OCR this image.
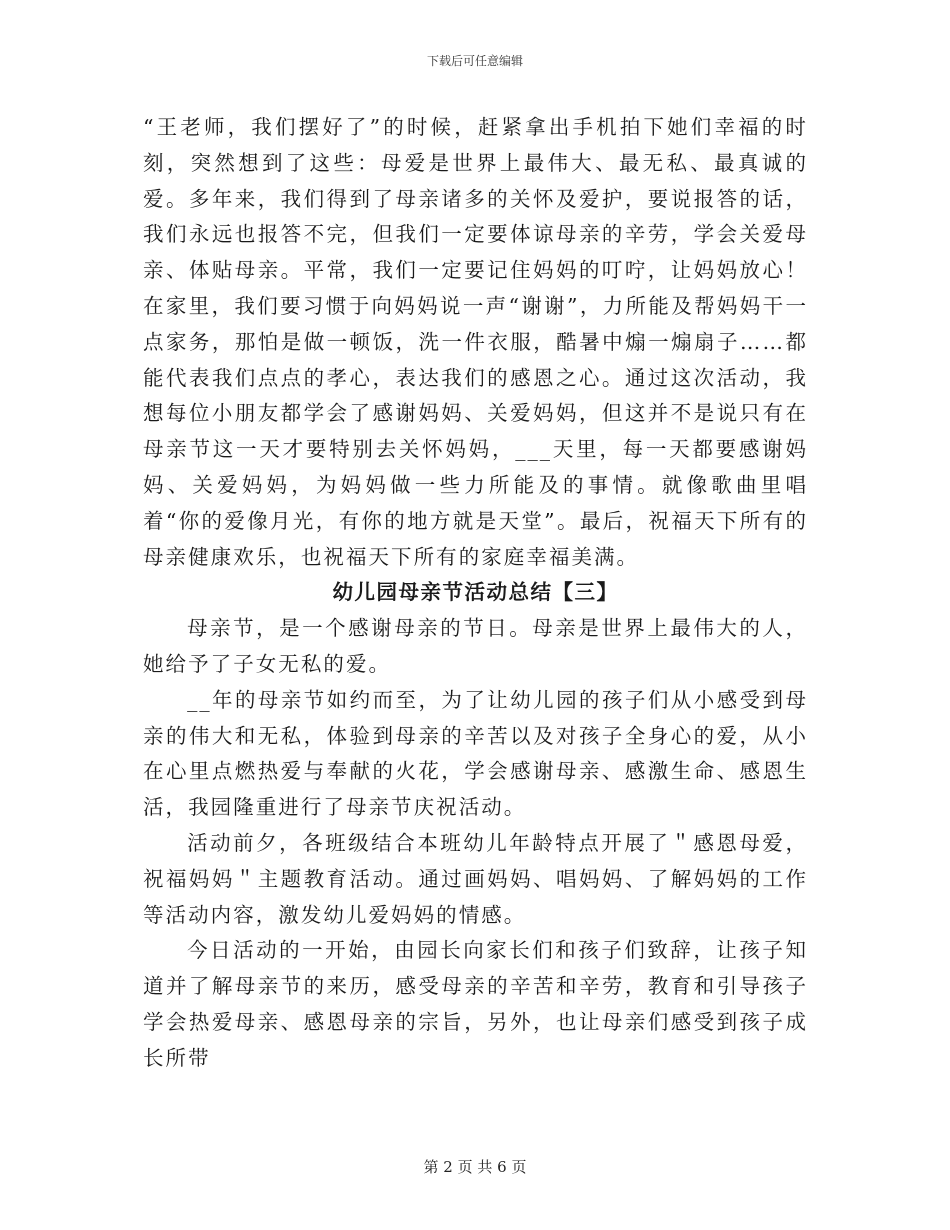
下载后可任意编辑

“王老师，我们摆好了”的时候，赶紧拿出手机拍下她们幸福的时刻，突然想到了这些：母爱是世界上最伟大、最无私、最真诚的爱。多年来，我们得到了母亲诸多的关怀及爱护，要说报答的话，我们永远也报答不完，但我们一定要体谅母亲的辛劳，学会关爱母亲、体贴母亲。平常，我们一定要记住妈妈的叮咛，让妈妈放心！在家里，我们要习惯于向妈妈说一声“谢谢”，力所能及帮妈妈干一点家务，那怕是做一顿饭，洗一件衣服，酷暑中煽一煽扇子……都能代表我们点点的孝心，表达我们的感恩之心。通过这次活动，我想每位小朋友都学会了感谢妈妈、关爱妈妈，但这并不是说只有在母亲节这一天才要特别去关怀妈妈，___天里，每一天都要感谢妈妈、关爱妈妈，为妈妈做一些力所能及的事情。就像歌曲里唱着“你的爱像月光，有你的地方就是天堂”。最后，祝福天下所有的母亲健康欢乐，也祝福天下所有的家庭幸福美满。

幼儿园母亲节活动总结【三】

母亲节，是一个感谢母亲的节日。母亲是世界上最伟大的人，她给予了子女无私的爱。

__年的母亲节如约而至，为了让幼儿园的孩子们从小感受到母亲的伟大和无私，体验到母亲的辛苦以及对孩子全身心的爱，从小在心里点燃热爱与奉献的火花，学会感谢母亲、感激生命、感恩生活，我园隆重进行了母亲节庆祝活动。

活动前夕，各班级结合本班幼儿年龄特点开展了＂感恩母爱，祝福妈妈＂主题教育活动。通过画妈妈、唱妈妈、了解妈妈的工作等活动内容，激发幼儿爱妈妈的情感。

今日活动的一开始，由园长向家长们和孩子们致辞，让孩子知道并了解母亲节的来历，感受母亲的辛苦和辛劳，教育和引导孩子学会热爱母亲、感恩母亲的宗旨，另外，也让母亲们感受到孩子成长所带

第 2 页 共 6 页
